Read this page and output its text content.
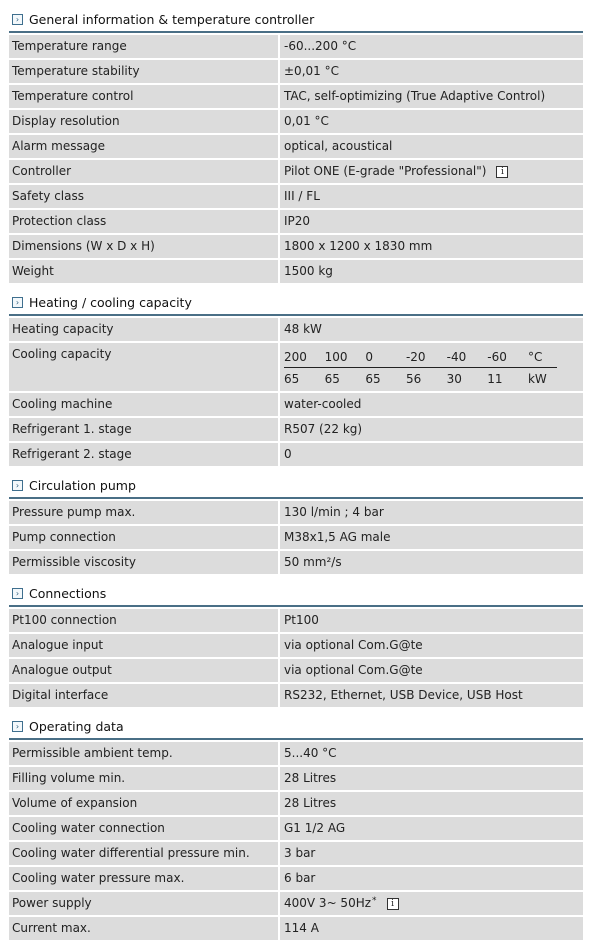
› General information & temperature controller
Temperature range	-60...200 °C
Temperature stability	±0,01 °C
Temperature control	TAC, self-optimizing (True Adaptive Control)
Display resolution	0,01 °C
Alarm message	optical, acoustical
Controller	Pilot ONE (E-grade "Professional") i
Safety class	III / FL
Protection class	IP20
Dimensions (W x D x H)	1800 x 1200 x 1830 mm
Weight	1500 kg
› Heating / cooling capacity
Heating capacity	48 kW
Cooling capacity	200	100	0	-20	-40	-60	°C
65	65	65	56	30	11	kW
Cooling machine	water-cooled
Refrigerant 1. stage	R507 (22 kg)
Refrigerant 2. stage	0
› Circulation pump
Pressure pump max.	130 l/min ; 4 bar
Pump connection	M38x1,5 AG male
Permissible viscosity	50 mm²/s
› Connections
Pt100 connection	Pt100
Analogue input	via optional Com.G@te
Analogue output	via optional Com.G@te
Digital interface	RS232, Ethernet, USB Device, USB Host
› Operating data
Permissible ambient temp.	5...40 °C
Filling volume min.	28 Litres
Volume of expansion	28 Litres
Cooling water connection	G1 1/2 AG
Cooling water differential pressure min.	3 bar
Cooling water pressure max.	6 bar
Power supply	400V 3~ 50Hz* i
Current max.	114 A
